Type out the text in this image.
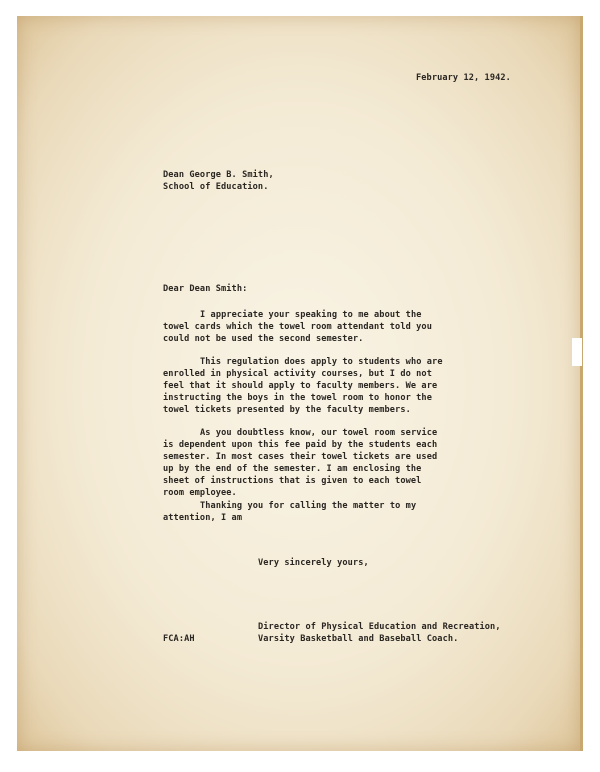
February 12, 1942.
Dean George B. Smith,
School of Education.
Dear Dean Smith:
I appreciate your speaking to me about the
towel cards which the towel room attendant told you
could not be used the second semester.
This regulation does apply to students who are
enrolled in physical activity courses, but I do not
feel that it should apply to faculty members. We are
instructing the boys in the towel room to honor the
towel tickets presented by the faculty members.
As you doubtless know, our towel room service
is dependent upon this fee paid by the students each
semester. In most cases their towel tickets are used
up by the end of the semester. I am enclosing the
sheet of instructions that is given to each towel
room employee.
Thanking you for calling the matter to my
attention, I am
Very sincerely yours,
Director of Physical Education and Recreation,
Varsity Basketball and Baseball Coach.
FCA:AH
